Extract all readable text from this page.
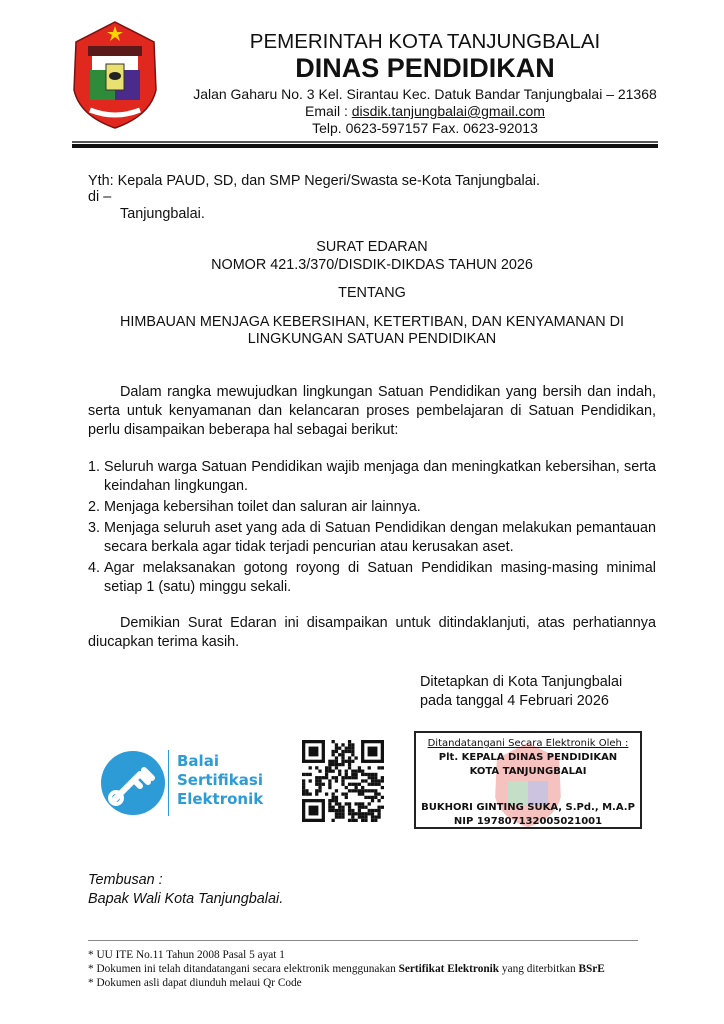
PEMERINTAH KOTA TANJUNGBALAI
DINAS PENDIDIKAN
Jalan Gaharu No. 3 Kel. Sirantau Kec. Datuk Bandar Tanjungbalai – 21368
Email : disdik.tanjungbalai@gmail.com
Telp. 0623-597157 Fax. 0623-92013
Yth: Kepala PAUD, SD, dan SMP Negeri/Swasta se-Kota Tanjungbalai.
di –
Tanjungbalai.
SURAT EDARAN
NOMOR 421.3/370/DISDIK-DIKDAS TAHUN 2026
TENTANG
HIMBAUAN MENJAGA KEBERSIHAN, KETERTIBAN, DAN KENYAMANAN DI
LINGKUNGAN SATUAN PENDIDIKAN
Dalam rangka mewujudkan lingkungan Satuan Pendidikan yang bersih dan indah, serta untuk kenyamanan dan kelancaran proses pembelajaran di Satuan Pendidikan, perlu disampaikan beberapa hal sebagai berikut:
1. Seluruh warga Satuan Pendidikan wajib menjaga dan meningkatkan kebersihan, serta keindahan lingkungan.
2. Menjaga kebersihan toilet dan saluran air lainnya.
3. Menjaga seluruh aset yang ada di Satuan Pendidikan dengan melakukan pemantauan secara berkala agar tidak terjadi pencurian atau kerusakan aset.
4. Agar melaksanakan gotong royong di Satuan Pendidikan masing-masing minimal setiap 1 (satu) minggu sekali.
Demikian Surat Edaran ini disampaikan untuk ditindaklanjuti, atas perhatiannya diucapkan terima kasih.
Ditetapkan di Kota Tanjungbalai
pada tanggal 4 Februari 2026
Balai
Sertifikasi
Elektronik
Ditandatangani Secara Elektronik Oleh :
Plt. KEPALA DINAS PENDIDIKAN
KOTA TANJUNGBALAI
BUKHORI GINTING SUKA, S.Pd., M.A.P
NIP 197807132005021001
Tembusan :
Bapak Wali Kota Tanjungbalai.
* UU ITE No.11 Tahun 2008 Pasal 5 ayat 1
* Dokumen ini telah ditandatangani secara elektronik menggunakan Sertifikat Elektronik yang diterbitkan BSrE
* Dokumen asli dapat diunduh melaui Qr Code
